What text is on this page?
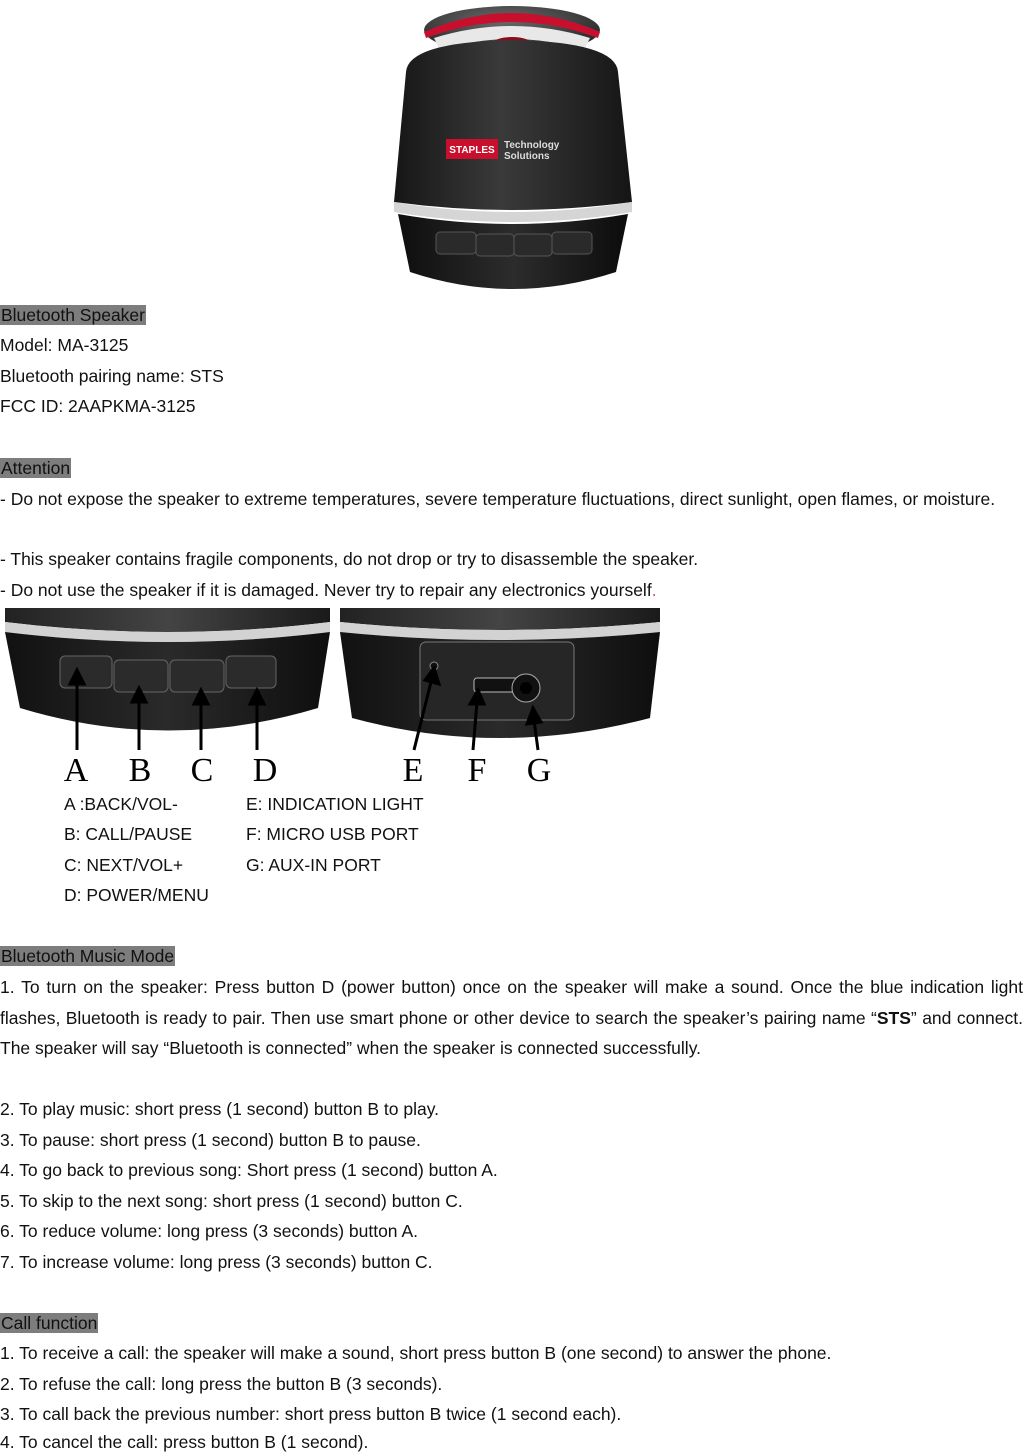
STAPLES Technology
Solutions
Bluetooth Speaker
Model: MA-3125
Bluetooth pairing name: STS
FCC ID: 2AAPKMA-3125
Attention
- Do not expose the speaker to extreme temperatures, severe temperature fluctuations, direct sunlight, open flames, or moisture.
- This speaker contains fragile components, do not drop or try to disassemble the speaker.
- Do not use the speaker if it is damaged. Never try to repair any electronics yourself.
A B C D	E F G
A :BACK/VOL-
B: CALL/PAUSE
C: NEXT/VOL+
D: POWER/MENU
E: INDICATION LIGHT
F: MICRO USB PORT
G: AUX-IN PORT
Bluetooth Music Mode
1. To turn on the speaker: Press button D (power button) once on the speaker will make a sound. Once the blue indication light flashes, Bluetooth is ready to pair. Then use smart phone or other device to search the speaker’s pairing name “STS” and connect. The speaker will say “Bluetooth is connected” when the speaker is connected successfully.
2. To play music: short press (1 second) button B to play.
3. To pause: short press (1 second) button B to pause.
4. To go back to previous song: Short press (1 second) button A.
5. To skip to the next song: short press (1 second) button C.
6. To reduce volume: long press (3 seconds) button A.
7. To increase volume: long press (3 seconds) button C.
Call function
1. To receive a call: the speaker will make a sound, short press button B (one second) to answer the phone.
2. To refuse the call: long press the button B (3 seconds).
3. To call back the previous number: short press button B twice (1 second each).
4. To cancel the call: press button B (1 second).
